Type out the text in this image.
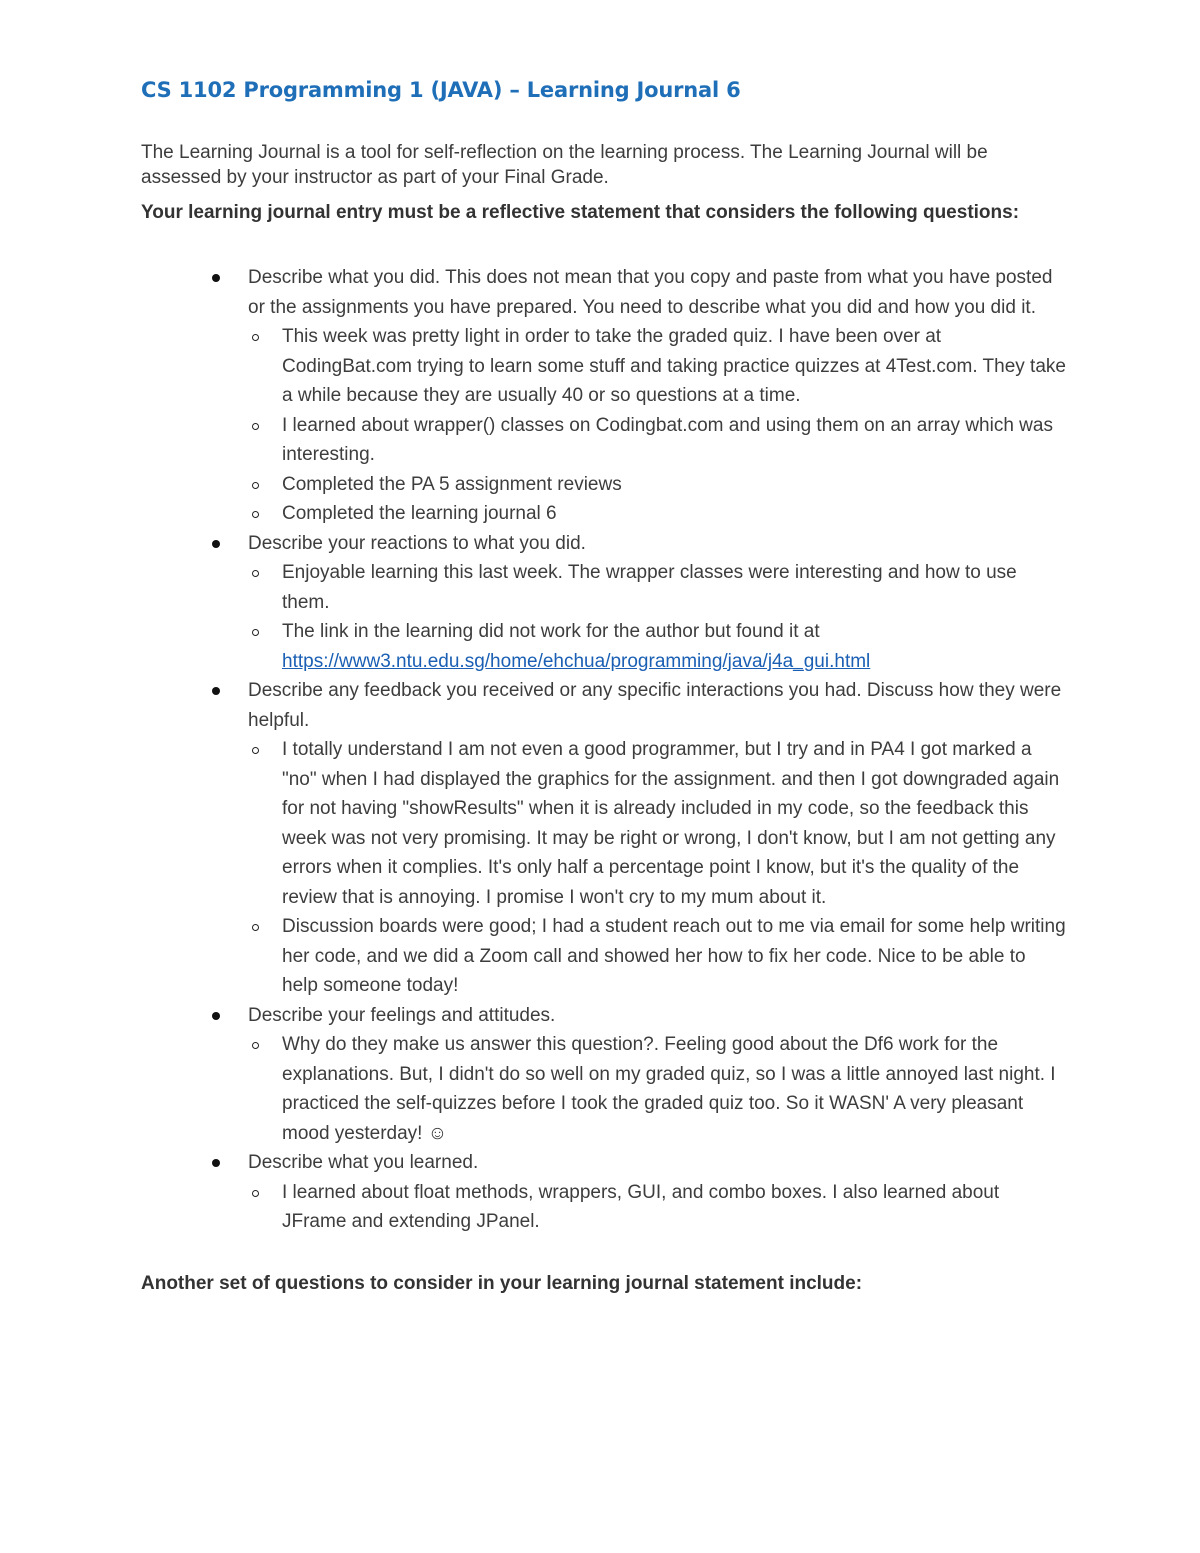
CS 1102 Programming 1 (JAVA) – Learning Journal 6
The Learning Journal is a tool for self-reflection on the learning process. The Learning Journal will be assessed by your instructor as part of your Final Grade.
Your learning journal entry must be a reflective statement that considers the following questions:
Describe what you did. This does not mean that you copy and paste from what you have posted or the assignments you have prepared. You need to describe what you did and how you did it.
This week was pretty light in order to take the graded quiz. I have been over at CodingBat.com trying to learn some stuff and taking practice quizzes at 4Test.com. They take a while because they are usually 40 or so questions at a time.
I learned about wrapper() classes on Codingbat.com and using them on an array which was interesting.
Completed the PA 5 assignment reviews
Completed the learning journal 6
Describe your reactions to what you did.
Enjoyable learning this last week. The wrapper classes were interesting and how to use them.
The link in the learning did not work for the author but found it at
https://www3.ntu.edu.sg/home/ehchua/programming/java/j4a_gui.html
Describe any feedback you received or any specific interactions you had. Discuss how they were helpful.
I totally understand I am not even a good programmer, but I try and in PA4 I got marked a "no" when I had displayed the graphics for the assignment. and then I got downgraded again for not having "showResults" when it is already included in my code, so the feedback this week was not very promising. It may be right or wrong, I don't know, but I am not getting any errors when it complies. It's only half a percentage point I know, but it's the quality of the review that is annoying. I promise I won't cry to my mum about it.
Discussion boards were good; I had a student reach out to me via email for some help writing her code, and we did a Zoom call and showed her how to fix her code. Nice to be able to help someone today!
Describe your feelings and attitudes.
Why do they make us answer this question?. Feeling good about the Df6 work for the explanations. But, I didn't do so well on my graded quiz, so I was a little annoyed last night. I practiced the self-quizzes before I took the graded quiz too. So it WASN' A very pleasant mood yesterday! ☺
Describe what you learned.
I learned about float methods, wrappers, GUI, and combo boxes. I also learned about JFrame and extending JPanel.
Another set of questions to consider in your learning journal statement include:
